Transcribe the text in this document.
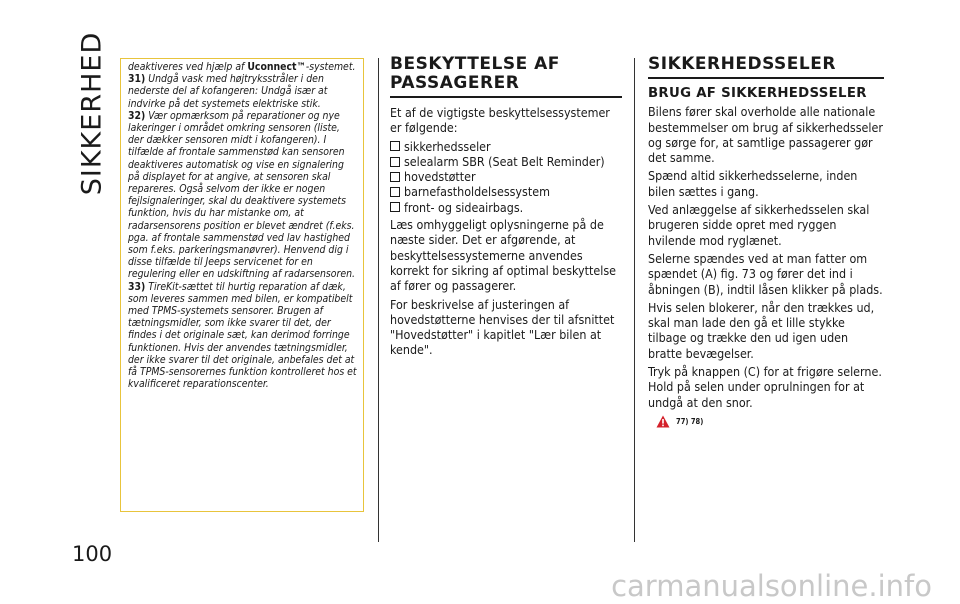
SIKKERHED deaktiveres ved hjælp af Uconnect™-systemet.

31) Undgå vask med højtryksstråler i den nederste del af kofangeren: Undgå især at indvirke på det systemets elektriske stik.

32) Vær opmærksom på reparationer og nye lakeringer i området omkring sensoren (liste, der dækker sensoren midt i kofangeren). I tilfælde af frontale sammenstød kan sensoren deaktiveres automatisk og vise en signalering på displayet for at angive, at sensoren skal repareres. Også selvom der ikke er nogen fejlsignaleringer, skal du deaktivere systemets funktion, hvis du har mistanke om, at radarsensorens position er blevet ændret (f.eks. pga. af frontale sammenstød ved lav hastighed som f.eks. parkeringsmanøvrer). Henvend dig i disse tilfælde til Jeeps servicenet for en regulering eller en udskiftning af radarsensoren.

33) TireKit-sættet til hurtig reparation af dæk, som leveres sammen med bilen, er kompatibelt med TPMS-systemets sensorer. Brugen af tætningsmidler, som ikke svarer til det, der findes i det originale sæt, kan derimod forringe funktionen. Hvis der anvendes tætningsmidler, der ikke svarer til det originale, anbefales det at få TPMS-sensorernes funktion kontrolleret hos et kvalificeret reparationscenter.

BESKYTTELSE AF PASSAGERER

Et af de vigtigste beskyttelsessystemer er følgende:

sikkerhedsseler
selealarm SBR (Seat Belt Reminder)
hovedstøtter
barnefastholdelsessystem
front- og sideairbags.

Læs omhyggeligt oplysningerne på de næste sider. Det er afgørende, at beskyttelsessystemerne anvendes korrekt for sikring af optimal beskyttelse af fører og passagerer.

For beskrivelse af justeringen af hovedstøtterne henvises der til afsnittet "Hovedstøtter" i kapitlet "Lær bilen at kende".

SIKKERHEDSSELER
BRUG AF SIKKERHEDSSELER

Bilens fører skal overholde alle nationale bestemmelser om brug af sikkerhedsseler og sørge for, at samtlige passagerer gør det samme.

Spænd altid sikkerhedsselerne, inden bilen sættes i gang.

Ved anlæggelse af sikkerhedsselen skal brugeren sidde opret med ryggen hvilende mod ryglænet.

Selerne spændes ved at man fatter om spændet (A) fig. 73 og fører det ind i åbningen (B), indtil låsen klikker på plads.

Hvis selen blokerer, når den trækkes ud, skal man lade den gå et lille stykke tilbage og trække den ud igen uden bratte bevægelser.

Tryk på knappen (C) for at frigøre selerne. Hold på selen under oprulningen for at undgå at den snor.

77) 78)
100
carmanualsonline.info
